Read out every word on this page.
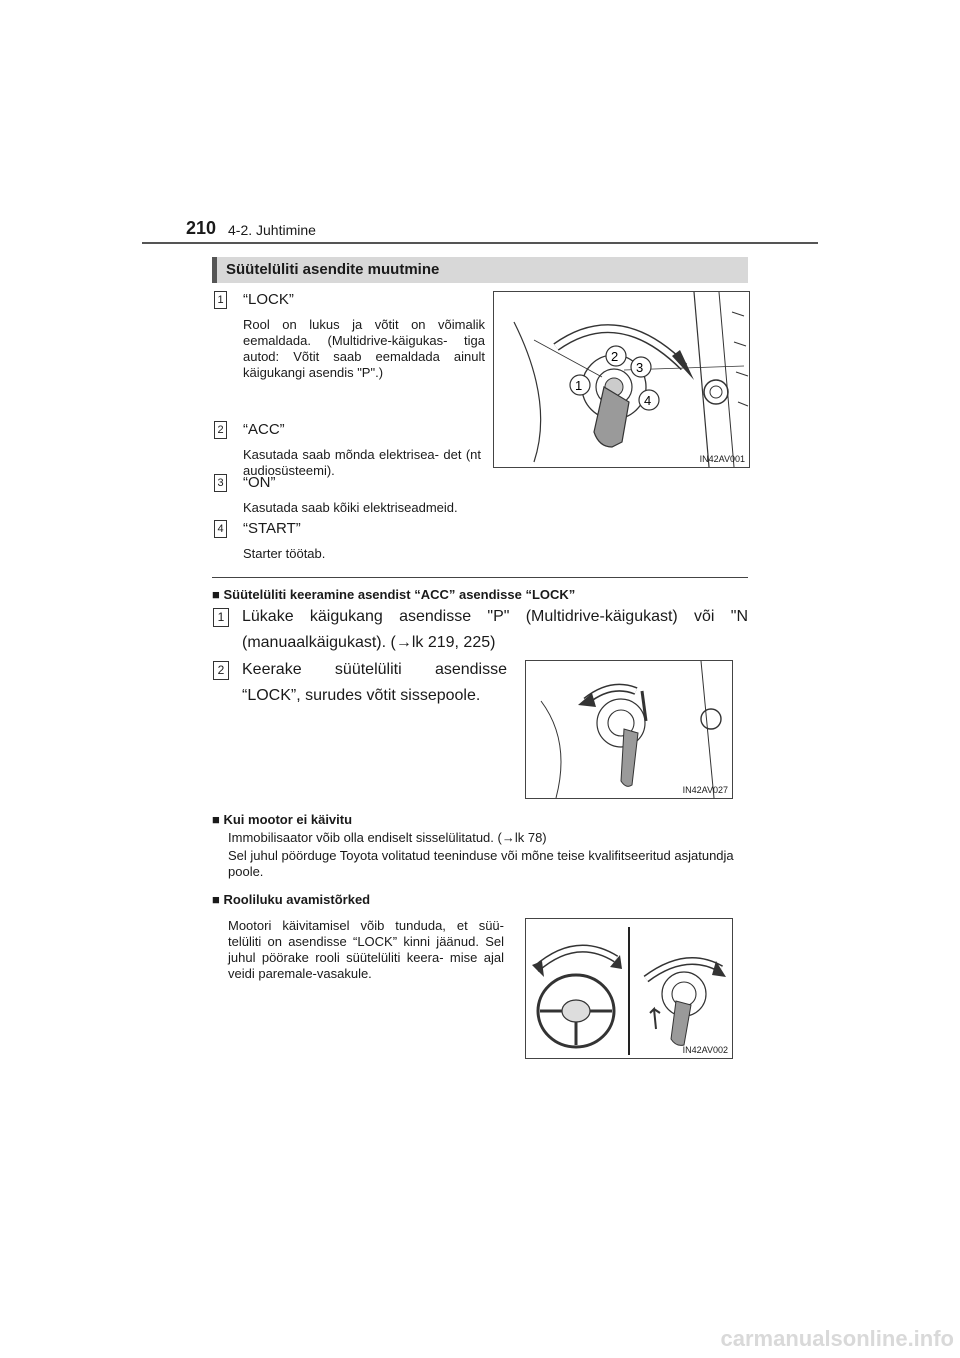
210 4-2. Juhtimine
Süütelüliti asendite muutmine
1 “LOCK”
Rool on lukus ja võtit on võimalik eemaldada. (Multidrive-käigukas- tiga autod: Võtit saab eemaldada ainult käigukangi asendis "P".)
2 “ACC”
Kasutada saab mõnda elektrisea- det (nt audiosüsteemi).
3 “ON”
Kasutada saab kõiki elektriseadmeid.
4 “START”
Starter töötab.
1
2
3
4
IN42AV001
■ Süütelüliti keeramine asendist “ACC” asendisse “LOCK”
1 Lükake käigukang asendisse "P" (Multidrive-käigukast) või "N (manuaalkäigukast). (→lk 219, 225)
2 Keerake süütelüliti asendisse “LOCK”, surudes võtit sissepoole.
IN42AV027
■ Kui mootor ei käivitu
Immobilisaator võib olla endiselt sisselülitatud. (→lk 78)
Sel juhul pöörduge Toyota volitatud teeninduse või mõne teise kvalifitseeritud asjatundja poole.
■ Rooliluku avamistõrked
Mootori käivitamisel võib tunduda, et süü- telüliti on asendisse “LOCK” kinni jäänud. Sel juhul pöörake rooli süütelüliti keera- mise ajal veidi paremale-vasakule.
IN42AV002
carmanualsonline.info
